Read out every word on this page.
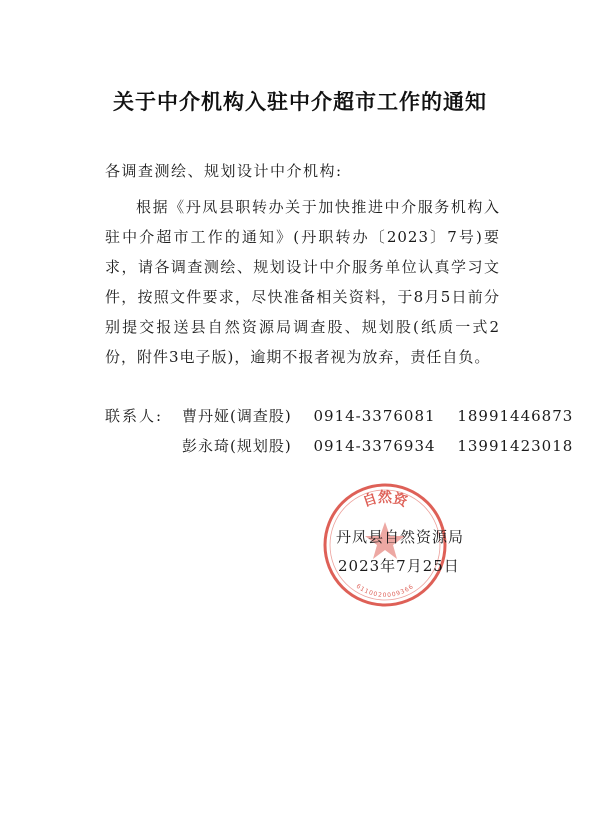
关于中介机构入驻中介超市工作的通知
各调查测绘、规划设计中介机构:
根据《丹凤县职转办关于加快推进中介服务机构入驻中介超市工作的通知》(丹职转办〔2023〕7号)要求，请各调查测绘、规划设计中介服务单位认真学习文件，按照文件要求，尽快准备相关资料，于8月5日前分别提交报送县自然资源局调查股、规划股(纸质一式2份，附件3电子版)，逾期不报者视为放弃，责任自负。
联系人: 曹丹娅(调查股) 0914-3376081 18991446873
彭永琦(规划股) 0914-3376934 13991423018
自然资
6110020009366
丹凤县自然资源局
2023年7月25日
